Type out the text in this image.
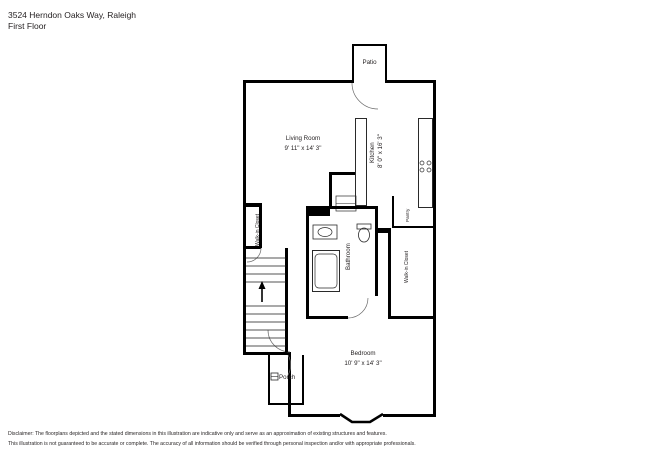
3524 Herndon Oaks Way, Raleigh
First Floor
Patio
Living Room
9' 11" x 14' 3"	Kitchen 8' 0" x 16' 3"
Pantry
Walk-in Closet
Bathroom	Walk-in Closet
Bedroom
10' 9" x 14' 3"
Porch
Disclaimer: The floorplans depicted and the stated dimensions in this illustration are indicative only and serve as an approximation of existing structures and features.
This illustration is not guaranteed to be accurate or complete. The accuracy of all information should be verified through personal inspection and/or with appropriate professionals.
